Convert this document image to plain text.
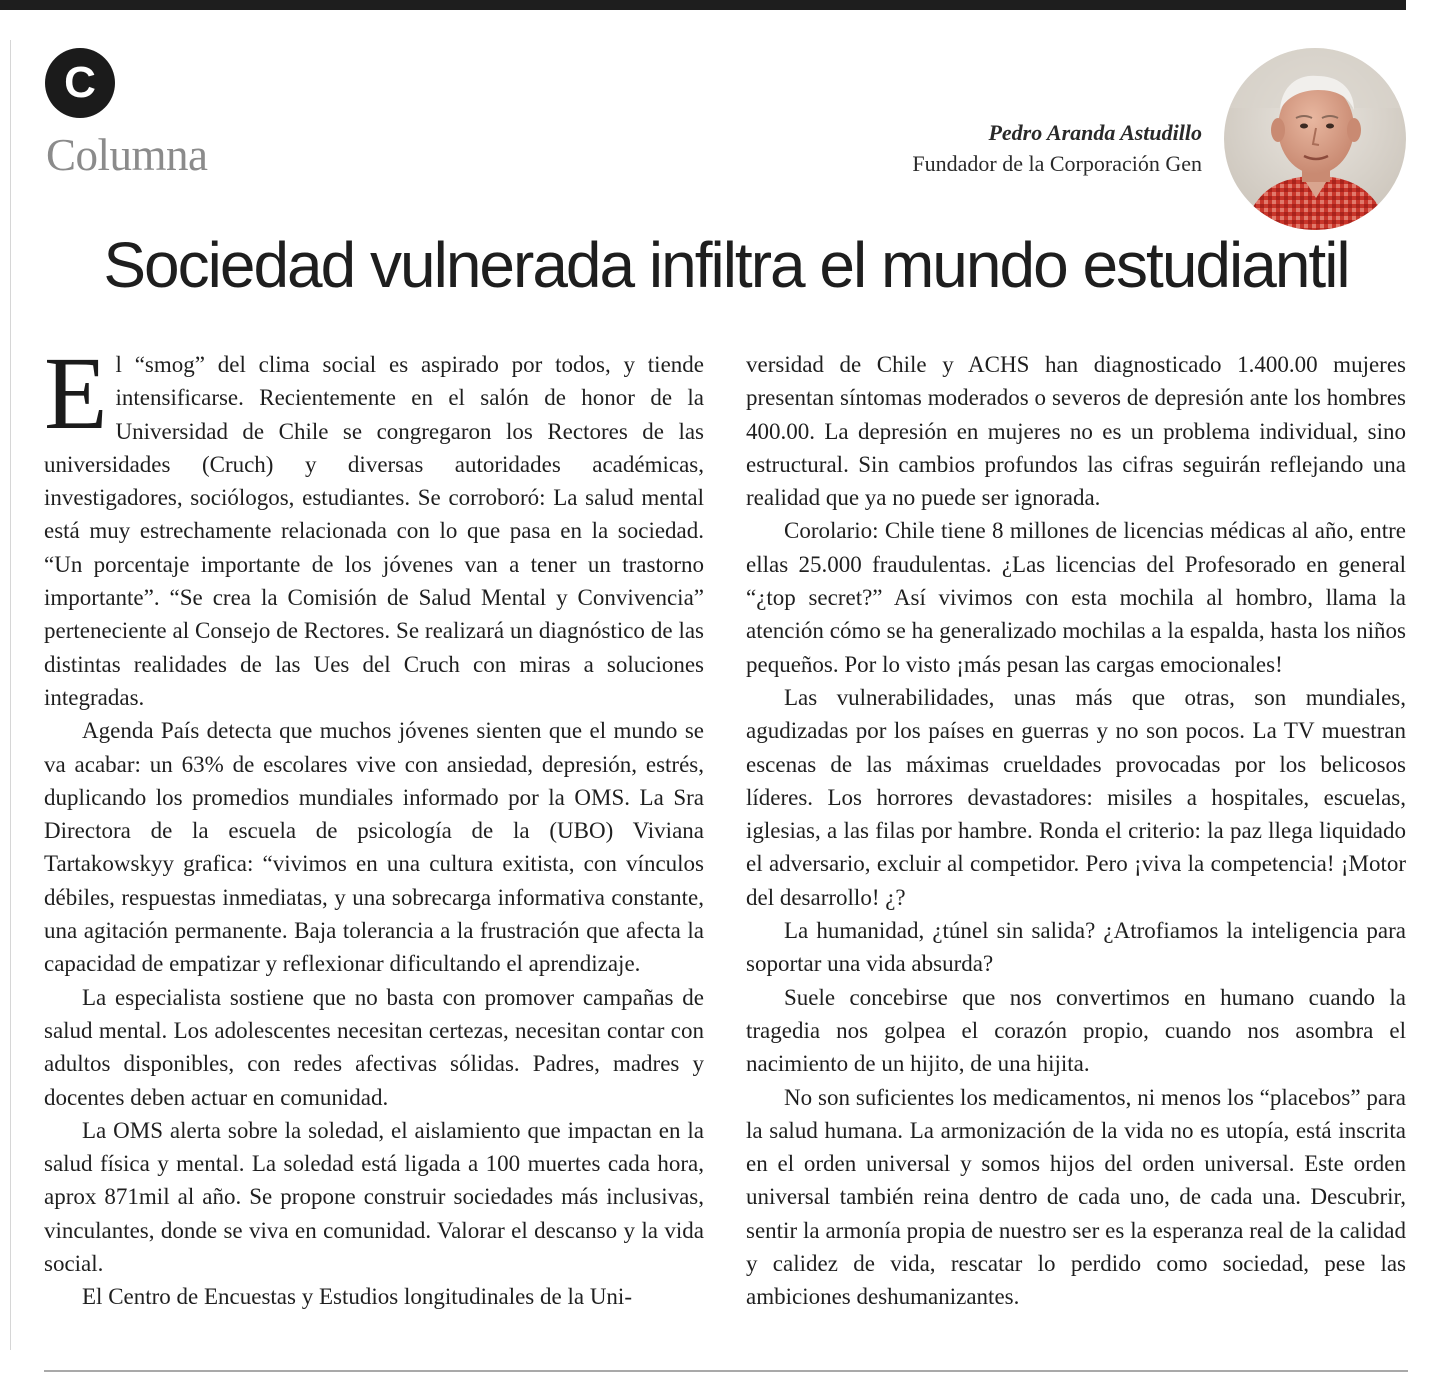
C
Columna	Pedro Aranda Astudillo
Fundador de la Corporación Gen
Sociedad vulnerada infiltra el mundo estudiantil

El “smog” del clima social es aspirado por todos, y tiende intensificarse. Recientemente en el salón de honor de la Universidad de Chile se congregaron los Rectores de las universidades (Cruch) y diversas autoridades académicas, investigadores, sociólogos, estudiantes. Se corroboró: La salud mental está muy estrechamente relacionada con lo que pasa en la sociedad. “Un porcentaje importante de los jóvenes van a tener un trastorno importante”. “Se crea la Comisión de Salud Mental y Convivencia” perteneciente al Consejo de Rectores. Se realizará un diagnóstico de las distintas realidades de las Ues del Cruch con miras a soluciones integradas.

Agenda País detecta que muchos jóvenes sienten que el mundo se va acabar: un 63% de escolares vive con ansiedad, depresión, estrés, duplicando los promedios mundiales informado por la OMS. La Sra Directora de la escuela de psicología de la (UBO) Viviana Tartakowskyy grafica: “vivimos en una cultura exitista, con vínculos débiles, respuestas inmediatas, y una sobrecarga informativa constante, una agitación permanente. Baja tolerancia a la frustración que afecta la capacidad de empatizar y reflexionar dificultando el aprendizaje.

La especialista sostiene que no basta con promover campañas de salud mental. Los adolescentes necesitan certezas, necesitan contar con adultos disponibles, con redes afectivas sólidas. Padres, madres y docentes deben actuar en comunidad.

La OMS alerta sobre la soledad, el aislamiento que impactan en la salud física y mental. La soledad está ligada a 100 muertes cada hora, aprox 871mil al año. Se propone construir sociedades más inclusivas, vinculantes, donde se viva en comunidad. Valorar el descanso y la vida social.

El Centro de Encuestas y Estudios longitudinales de la Uni-

versidad de Chile y ACHS han diagnosticado 1.400.00 mujeres presentan síntomas moderados o severos de depresión ante los hombres 400.00. La depresión en mujeres no es un problema individual, sino estructural. Sin cambios profundos las cifras seguirán reflejando una realidad que ya no puede ser ignorada.

Corolario: Chile tiene 8 millones de licencias médicas al año, entre ellas 25.000 fraudulentas. ¿Las licencias del Profesorado en general “¿top secret?” Así vivimos con esta mochila al hombro, llama la atención cómo se ha generalizado mochilas a la espalda, hasta los niños pequeños. Por lo visto ¡más pesan las cargas emocionales!

Las vulnerabilidades, unas más que otras, son mundiales, agudizadas por los países en guerras y no son pocos. La TV muestran escenas de las máximas crueldades provocadas por los belicosos líderes. Los horrores devastadores: misiles a hospitales, escuelas, iglesias, a las filas por hambre. Ronda el criterio: la paz llega liquidado el adversario, excluir al competidor. Pero ¡viva la competencia! ¡Motor del desarrollo! ¿?

La humanidad, ¿túnel sin salida? ¿Atrofiamos la inteligencia para soportar una vida absurda?

Suele concebirse que nos convertimos en humano cuando la tragedia nos golpea el corazón propio, cuando nos asombra el nacimiento de un hijito, de una hijita.

No son suficientes los medicamentos, ni menos los “placebos” para la salud humana. La armonización de la vida no es utopía, está inscrita en el orden universal y somos hijos del orden universal. Este orden universal también reina dentro de cada uno, de cada una. Descubrir, sentir la armonía propia de nuestro ser es la esperanza real de la calidad y calidez de vida, rescatar lo perdido como sociedad, pese las ambiciones deshumanizantes.
